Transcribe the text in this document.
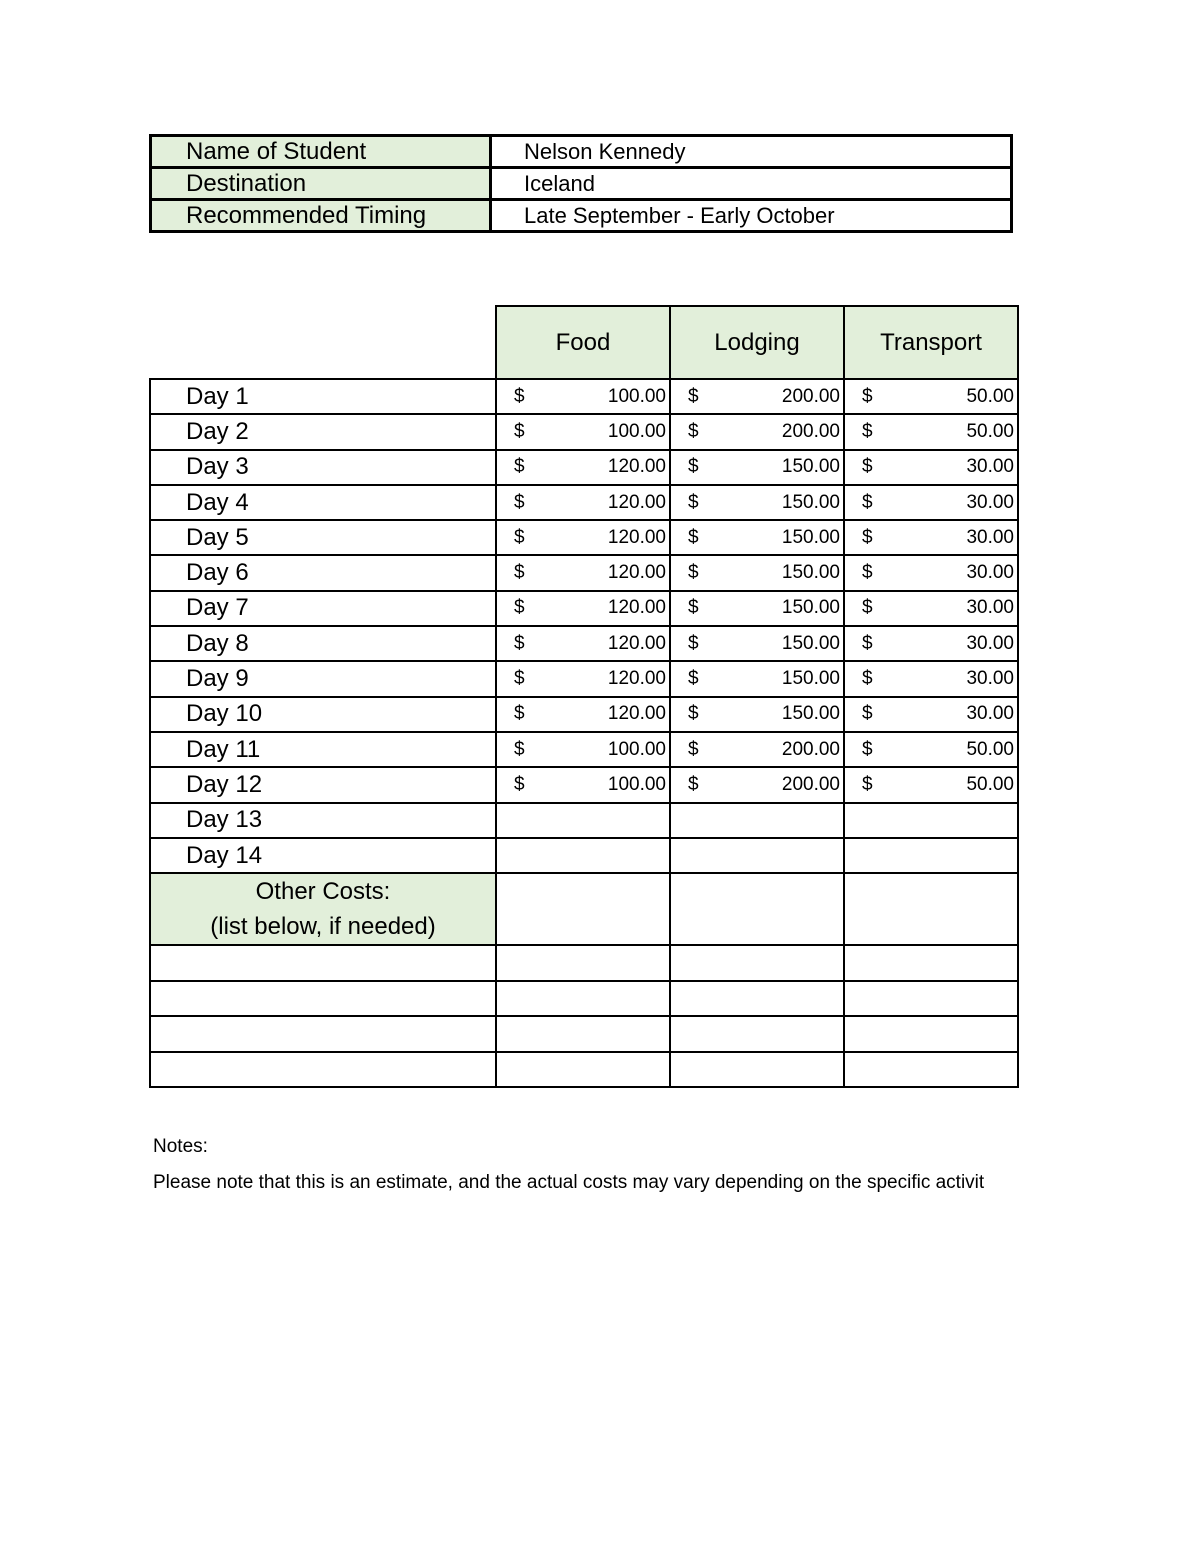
Name of Student	Nelson Kennedy
Destination	Iceland
Recommended Timing	Late September - Early October
	Food	Lodging	Transport
Day 1	$ 100.00	$ 200.00	$ 50.00

Day 2	$ 100.00	$ 200.00	$ 50.00

Day 3	$ 120.00	$ 150.00	$ 30.00

Day 4	$ 120.00	$ 150.00	$ 30.00

Day 5	$ 120.00	$ 150.00	$ 30.00

Day 6	$ 120.00	$ 150.00	$ 30.00

Day 7	$ 120.00	$ 150.00	$ 30.00

Day 8	$ 120.00	$ 150.00	$ 30.00

Day 9	$ 120.00	$ 150.00	$ 30.00

Day 10	$ 120.00	$ 150.00	$ 30.00

Day 11	$ 100.00	$ 200.00	$ 50.00

Day 12	$ 100.00	$ 200.00	$ 50.00

Day 13			
Day 14			

Other Costs:
(list below, if needed)			

Notes:
Please note that this is an estimate, and the actual costs may vary depending on the specific activit
